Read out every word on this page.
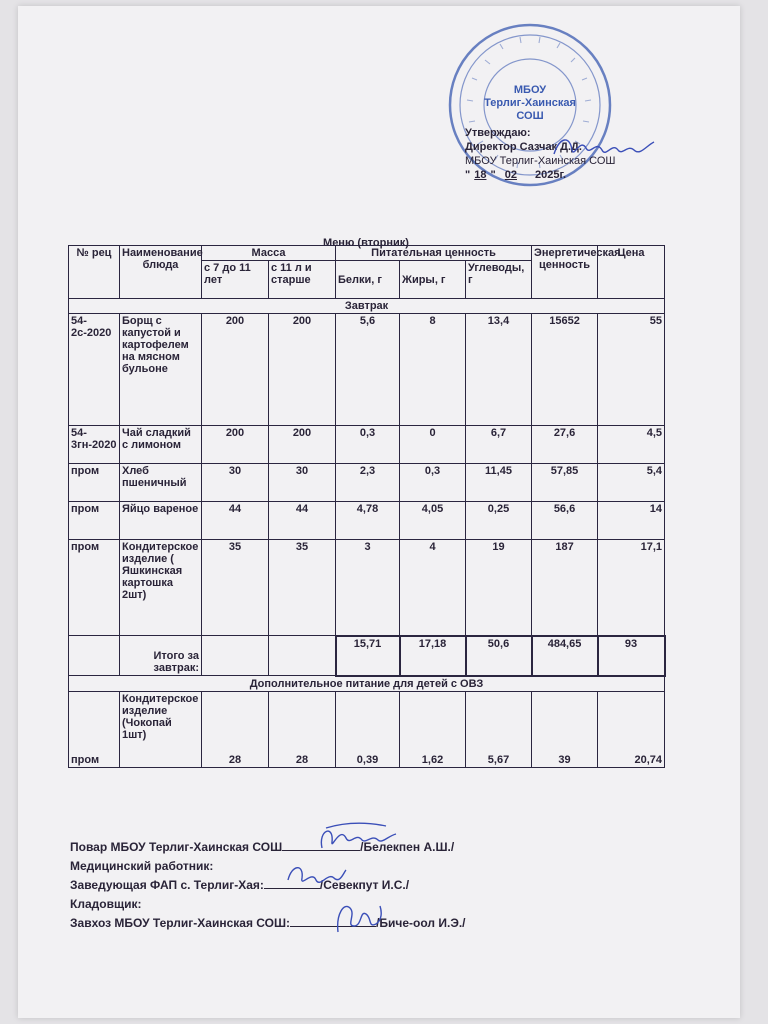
МБОУ
Терлиг-Хаинская
СОШ
Утверждаю:
Директор Сазчак Д.Д.
МБОУ Терлиг-Хаинская СОШ
" 18 " 02 2025г.
Меню (вторник)
№ рец	Наименование блюда	Масса		Питательная ценность			Энергетическая ценность	Цена
		с 7 до 11 лет	с 11 л и старше	Белки, г	Жиры, г	Углеводы, г		
Завтрак								
54-2с-2020	Борщ с капустой и картофелем на мясном бульоне	200	200	5,6	8	13,4	15652	55
54-3гн-2020	Чай сладкий с лимоном	200	200	0,3	0	6,7	27,6	4,5
пром	Хлеб пшеничный	30	30	2,3	0,3	11,45	57,85	5,4
пром	Яйцо вареное	44	44	4,78	4,05	0,25	56,6	14
пром	Кондитерское изделие ( Яшкинская картошка 2шт)	35	35	3	4	19	187	17,1
	Итого за завтрак:			15,71	17,18	50,6	484,65	93
Дополнительное питание для детей с ОВЗ								
пром	Кондитерское изделие (Чокопай 1шт)	28	28	0,39	1,62	5,67	39	20,74
Повар МБОУ Терлиг-Хаинская СОШ	/Белекпен А.Ш./
Медицинский работник:
Заведующая ФАП с. Терлиг-Хая:	/Севекпут И.С./
Кладовщик:
Завхоз МБОУ Терлиг-Хаинская СОШ:	/Биче-оол И.Э./
